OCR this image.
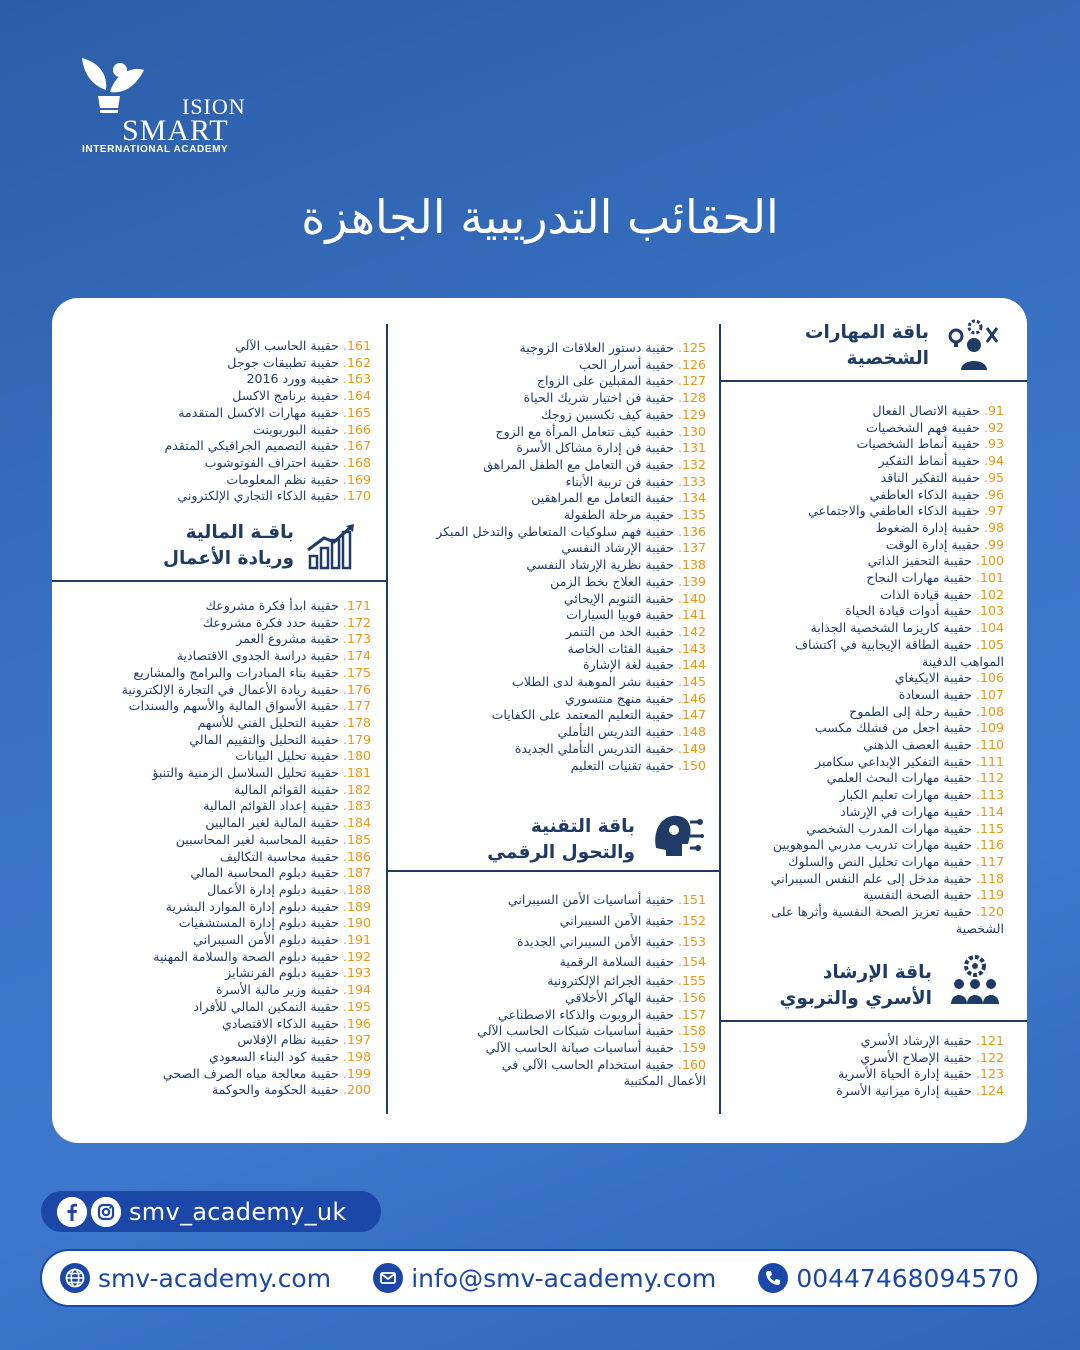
ISION
SMART
INTERNATIONAL ACADEMY
الحقائب التدريبية الجاهزة
باقة المهارات
الشخصية
91. حقيبة الاتصال الفعال
92. حقيبة فهم الشخصيات
93. حقيبة أنماط الشخصيات
94. حقيبة أنماط التفكير
95. حقيبة التفكير الناقد
96. حقيبة الذكاء العاطفي
97. حقيبة الذكاء العاطفي والاجتماعي
98. حقيبة إدارة الضغوط
99. حقيبة إدارة الوقت
100. حقيبة التحفيز الذاتي
101. حقيبة مهارات النجاح
102. حقيبة قيادة الذات
103. حقيبة أدوات قيادة الحياة
104. حقيبة كاريزما الشخصية الجذابة
105. حقيبة الطاقة الإيجابية في اكتشاف المواهب الدفينة
106. حقيبة الايكيغاي
107. حقيبة السعادة
108. حقيبة رحلة إلى الطموح
109. حقيبة اجعل من فشلك مكسب
110. حقيبة العصف الذهني
111. حقيبة التفكير الإبداعي سكامبر
112. حقيبة مهارات البحث العلمي
113. حقيبة مهارات تعليم الكبار
114. حقيبة مهارات في الإرشاد
115. حقيبة مهارات المدرب الشخصي
116. حقيبة مهارات تدريب مدربي الموهوبين
117. حقيبة مهارات تحليل النص والسلوك
118. حقيبة مدخل إلى علم النفس السيبراني
119. حقيبة الصحة النفسية
120. حقيبة تعزيز الصحة النفسية وأثرها على الشخصية
باقة الإرشاد
الأسري والتربوي
121. حقيبة الإرشاد الأسري
122. حقيبة الإصلاح الأسري
123. حقيبة إدارة الحياة الأسرية
124. حقيبة إدارة ميزانية الأسرة
125. حقيبة دستور العلاقات الزوجية
126. حقيبة أسرار الحب
127. حقيبة المقبلين على الزواج
128. حقيبة فن اختيار شريك الحياة
129. حقيبة كيف تكسبين زوجك
130. حقيبة كيف تتعامل المرأة مع الزوج
131. حقيبة فن إدارة مشاكل الأسرة
132. حقيبة فن التعامل مع الطفل المراهق
133. حقيبة فن تربية الأبناء
134. حقيبة التعامل مع المراهقين
135. حقيبة مرحلة الطفولة
136. حقيبة فهم سلوكيات المتعاطي والتدخل المبكر
137. حقيبة الإرشاد النفسي
138. حقيبة نظرية الإرشاد النفسي
139. حقيبة العلاج بخط الزمن
140. حقيبة التنويم الإيحائي
141. حقيبة فوبيا السيارات
142. حقيبة الحد من التنمر
143. حقيبة الفئات الخاصة
144. حقيبة لغة الإشارة
145. حقيبة نشر الموهبة لدى الطلاب
146. حقيبة منهج منتسوري
147. حقيبة التعليم المعتمد على الكفايات
148. حقيبة التدريس التأملي
149. حقيبة التدريس التأملي الجديدة
150. حقيبة تقنيات التعليم
باقة التقنية
والتحول الرقمي
151. حقيبة أساسيات الأمن السيبراني
152. حقيبة الأمن السيبراني
153. حقيبة الأمن السيبراني الجديدة
154. حقيبة السلامة الرقمية
155. حقيبة الجرائم الإلكترونية
156. حقيبة الهاكر الأخلاقي
157. حقيبة الروبوت والذكاء الاصطناعي
158. حقيبة أساسيات شبكات الحاسب الآلي
159. حقيبة أساسيات صيانة الحاسب الآلي
160. حقيبة استخدام الحاسب الآلي في الأعمال المكتبية
161. حقيبة الحاسب الآلي
162. حقيبة تطبيقات جوجل
163. حقيبة وورد 2016
164. حقيبة برنامج الاكسل
165. حقيبة مهارات الاكسل المتقدمة
166. حقيبة البوربوينت
167. حقيبة التصميم الجرافيكي المتقدم
168. حقيبة احتراف الفوتوشوب
169. حقيبة نظم المعلومات
170. حقيبة الذكاء التجاري الإلكتروني
باقـة المالية
وريادة الأعمال
171. حقيبة ابدأ فكرة مشروعك
172. حقيبة حدد فكرة مشروعك
173. حقيبة مشروع العمر
174. حقيبة دراسة الجدوى الاقتصادية
175. حقيبة بناء المبادرات والبرامج والمشاريع
176. حقيبة ريادة الأعمال في التجارة الإلكترونية
177. حقيبة الأسواق المالية والأسهم والسندات
178. حقيبة التحليل الفني للأسهم
179. حقيبة التحليل والتقييم المالي
180. حقيبة تحليل البيانات
181. حقيبة تحليل السلاسل الزمنية والتنبؤ
182. حقيبة القوائم المالية
183. حقيبة إعداد القوائم المالية
184. حقيبة المالية لغير الماليين
185. حقيبة المحاسبة لغير المحاسبين
186. حقيبة محاسبة التكاليف
187. حقيبة دبلوم المحاسبة المالي
188. حقيبة دبلوم إدارة الأعمال
189. حقيبة دبلوم إدارة الموارد البشرية
190. حقيبة دبلوم إدارة المستشفيات
191. حقيبة دبلوم الأمن السيبراني
192. حقيبة دبلوم الصحة والسلامة المهنية
193. حقيبة دبلوم الفرنشايز
194. حقيبة وزير مالية الأسرة
195. حقيبة التمكين المالي للأفراد
196. حقيبة الذكاء الاقتصادي
197. حقيبة نظام الإفلاس
198. حقيبة كود البناء السعودي
199. حقيبة معالجة مياه الصرف الصحي
200. حقيبة الحكومة والحوكمة
smv_academy_uk
smv-academy.com	info@smv-academy.com	00447468094570
